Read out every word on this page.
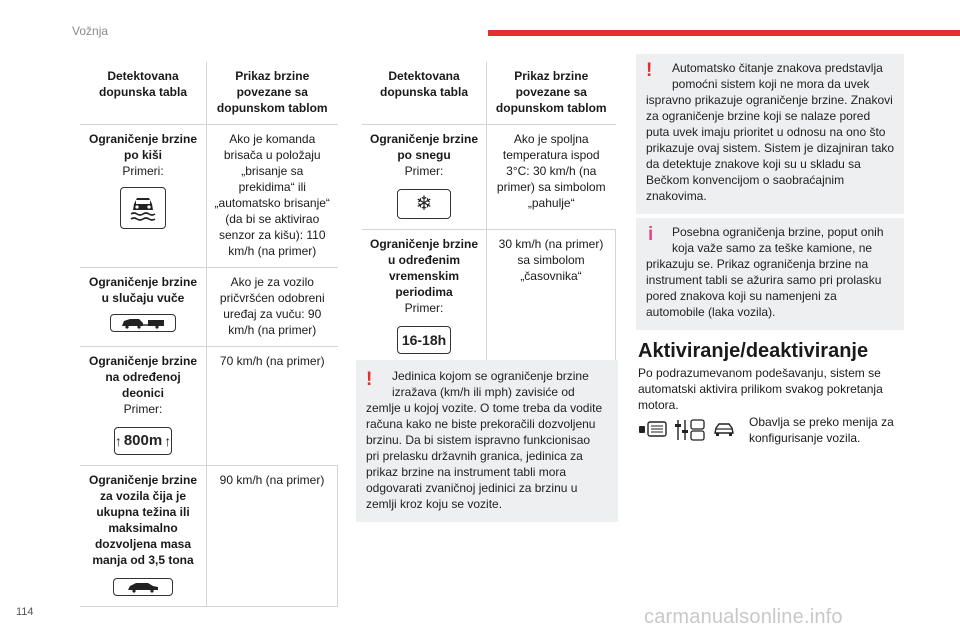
Vožnja
Detektovana dopunska tabla	Prikaz brzine povezane sa dopunskom tablom

Ograničenje brzine po kiši
Primeri:	Ako je komanda brisača u položaju „brisanje sa prekidima“ ili „automatsko brisanje“ (da bi se aktivirao senzor za kišu): 110 km/h (na primer)

Ograničenje brzine u slučaju vuče	Ako je za vozilo pričvršćen odobreni uređaj za vuču: 90 km/h (na primer)

Ograničenje brzine na određenoj deonici
Primer:
↑ 800m ↑	70 km/h (na primer)

Ograničenje brzine za vozila čija je ukupna težina ili maksimalno dozvoljena masa manja od 3,5 tona	90 km/h (na primer)
Detektovana dopunska tabla	Prikaz brzine povezane sa dopunskom tablom

Ograničenje brzine po snegu
Primer:
❄	Ako je spoljna temperatura ispod 3°C: 30 km/h (na primer) sa simbolom „pahulje“

Ograničenje brzine u određenim vremenskim periodima
Primer:
16-18h	30 km/h (na primer) sa simbolom „časovnika“
!	Jedinica kojom se ograničenje brzine izražava (km/h ili mph) zavisiće od
zemlje u kojoj vozite. O tome treba da vodite računa kako ne biste prekoračili dozvoljenu brzinu. Da bi sistem ispravno funkcionisao pri prelasku državnih granica, jedinica za prikaz brzine na instrument tabli mora odgovarati zvaničnoj jedinici za brzinu u zemlji kroz koju se vozite.
!	Automatsko čitanje znakova predstavlja pomoćni sistem koji ne mora da uvek
ispravno prikazuje ograničenje brzine. Znakovi za ograničenje brzine koji se nalaze pored puta uvek imaju prioritet u odnosu na ono što prikazuje ovaj sistem. Sistem je dizajniran tako da detektuje znakove koji su u skladu sa Bečkom konvencijom o saobraćajnim znakovima.
i	Posebna ograničenja brzine, poput onih koja važe samo za teške kamione, ne
prikazuju se. Prikaz ograničenja brzine na instrument tabli se ažurira samo pri prolasku pored znakova koji su namenjeni za automobile (laka vozila).
Aktiviranje/deaktiviranje
Po podrazumevanom podešavanju, sistem se automatski aktivira prilikom svakog pokretanja motora.
Obavlja se preko menija za konfigurisanje vozila.
114	carmanualsonline.info
